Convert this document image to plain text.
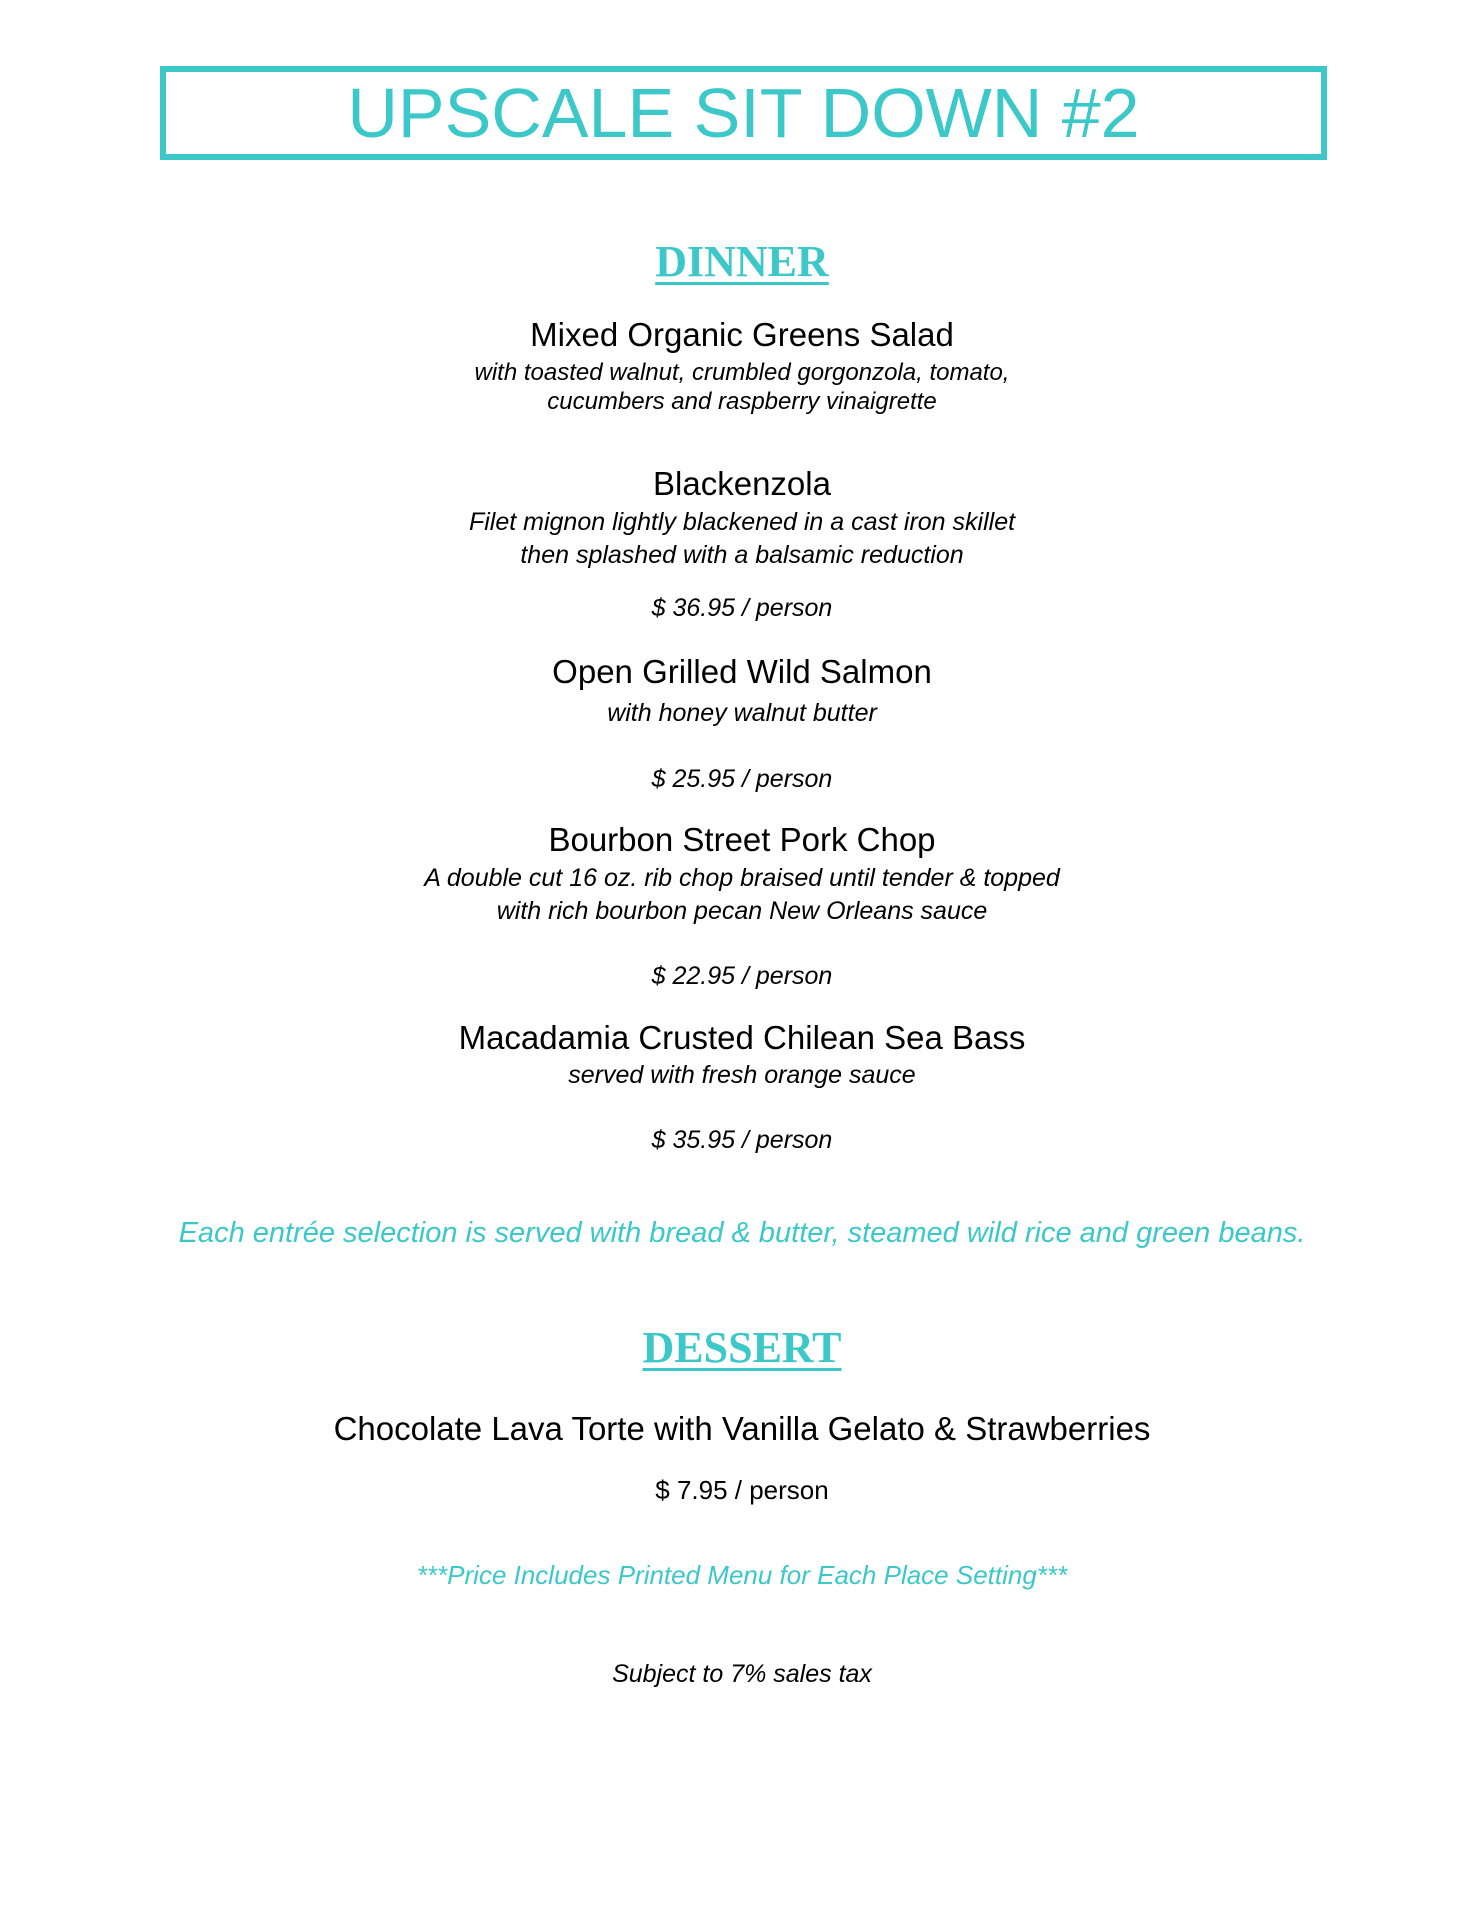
UPSCALE SIT DOWN #2
DINNER
Mixed Organic Greens Salad
with toasted walnut, crumbled gorgonzola, tomato,
cucumbers and raspberry vinaigrette
Blackenzola
Filet mignon lightly blackened in a cast iron skillet
then splashed with a balsamic reduction
$ 36.95 / person
Open Grilled Wild Salmon
with honey walnut butter
$ 25.95 / person
Bourbon Street Pork Chop
A double cut 16 oz. rib chop braised until tender & topped
with rich bourbon pecan New Orleans sauce
$ 22.95 / person
Macadamia Crusted Chilean Sea Bass
served with fresh orange sauce
$ 35.95 / person
Each entrée selection is served with bread & butter, steamed wild rice and green beans.
DESSERT
Chocolate Lava Torte with Vanilla Gelato & Strawberries
$ 7.95 / person
***Price Includes Printed Menu for Each Place Setting***
Subject to 7% sales tax
